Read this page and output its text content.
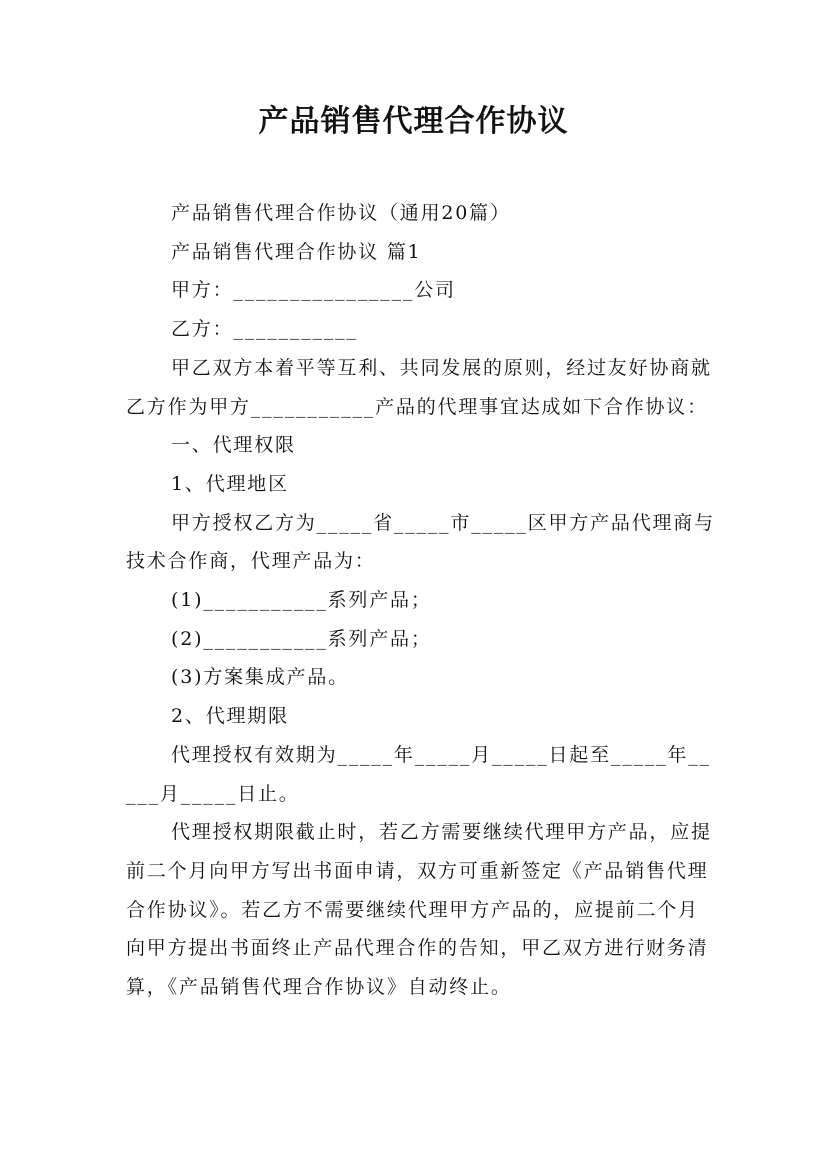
产品销售代理合作协议

产品销售代理合作协议（通用20篇）

产品销售代理合作协议 篇1

甲方：________________公司

乙方：___________

甲乙双方本着平等互利、共同发展的原则，经过友好协商就乙方作为甲方___________产品的代理事宜达成如下合作协议：

一、代理权限

1、代理地区

甲方授权乙方为_____省_____市_____区甲方产品代理商与技术合作商，代理产品为：

(1)___________系列产品；

(2)___________系列产品；

(3)方案集成产品。

2、代理期限

代理授权有效期为_____年_____月_____日起至_____年_____月_____日止。

代理授权期限截止时，若乙方需要继续代理甲方产品，应提前二个月向甲方写出书面申请，双方可重新签定《产品销售代理合作协议》。若乙方不需要继续代理甲方产品的，应提前二个月向甲方提出书面终止产品代理合作的告知，甲乙双方进行财务清算，《产品销售代理合作协议》自动终止。
